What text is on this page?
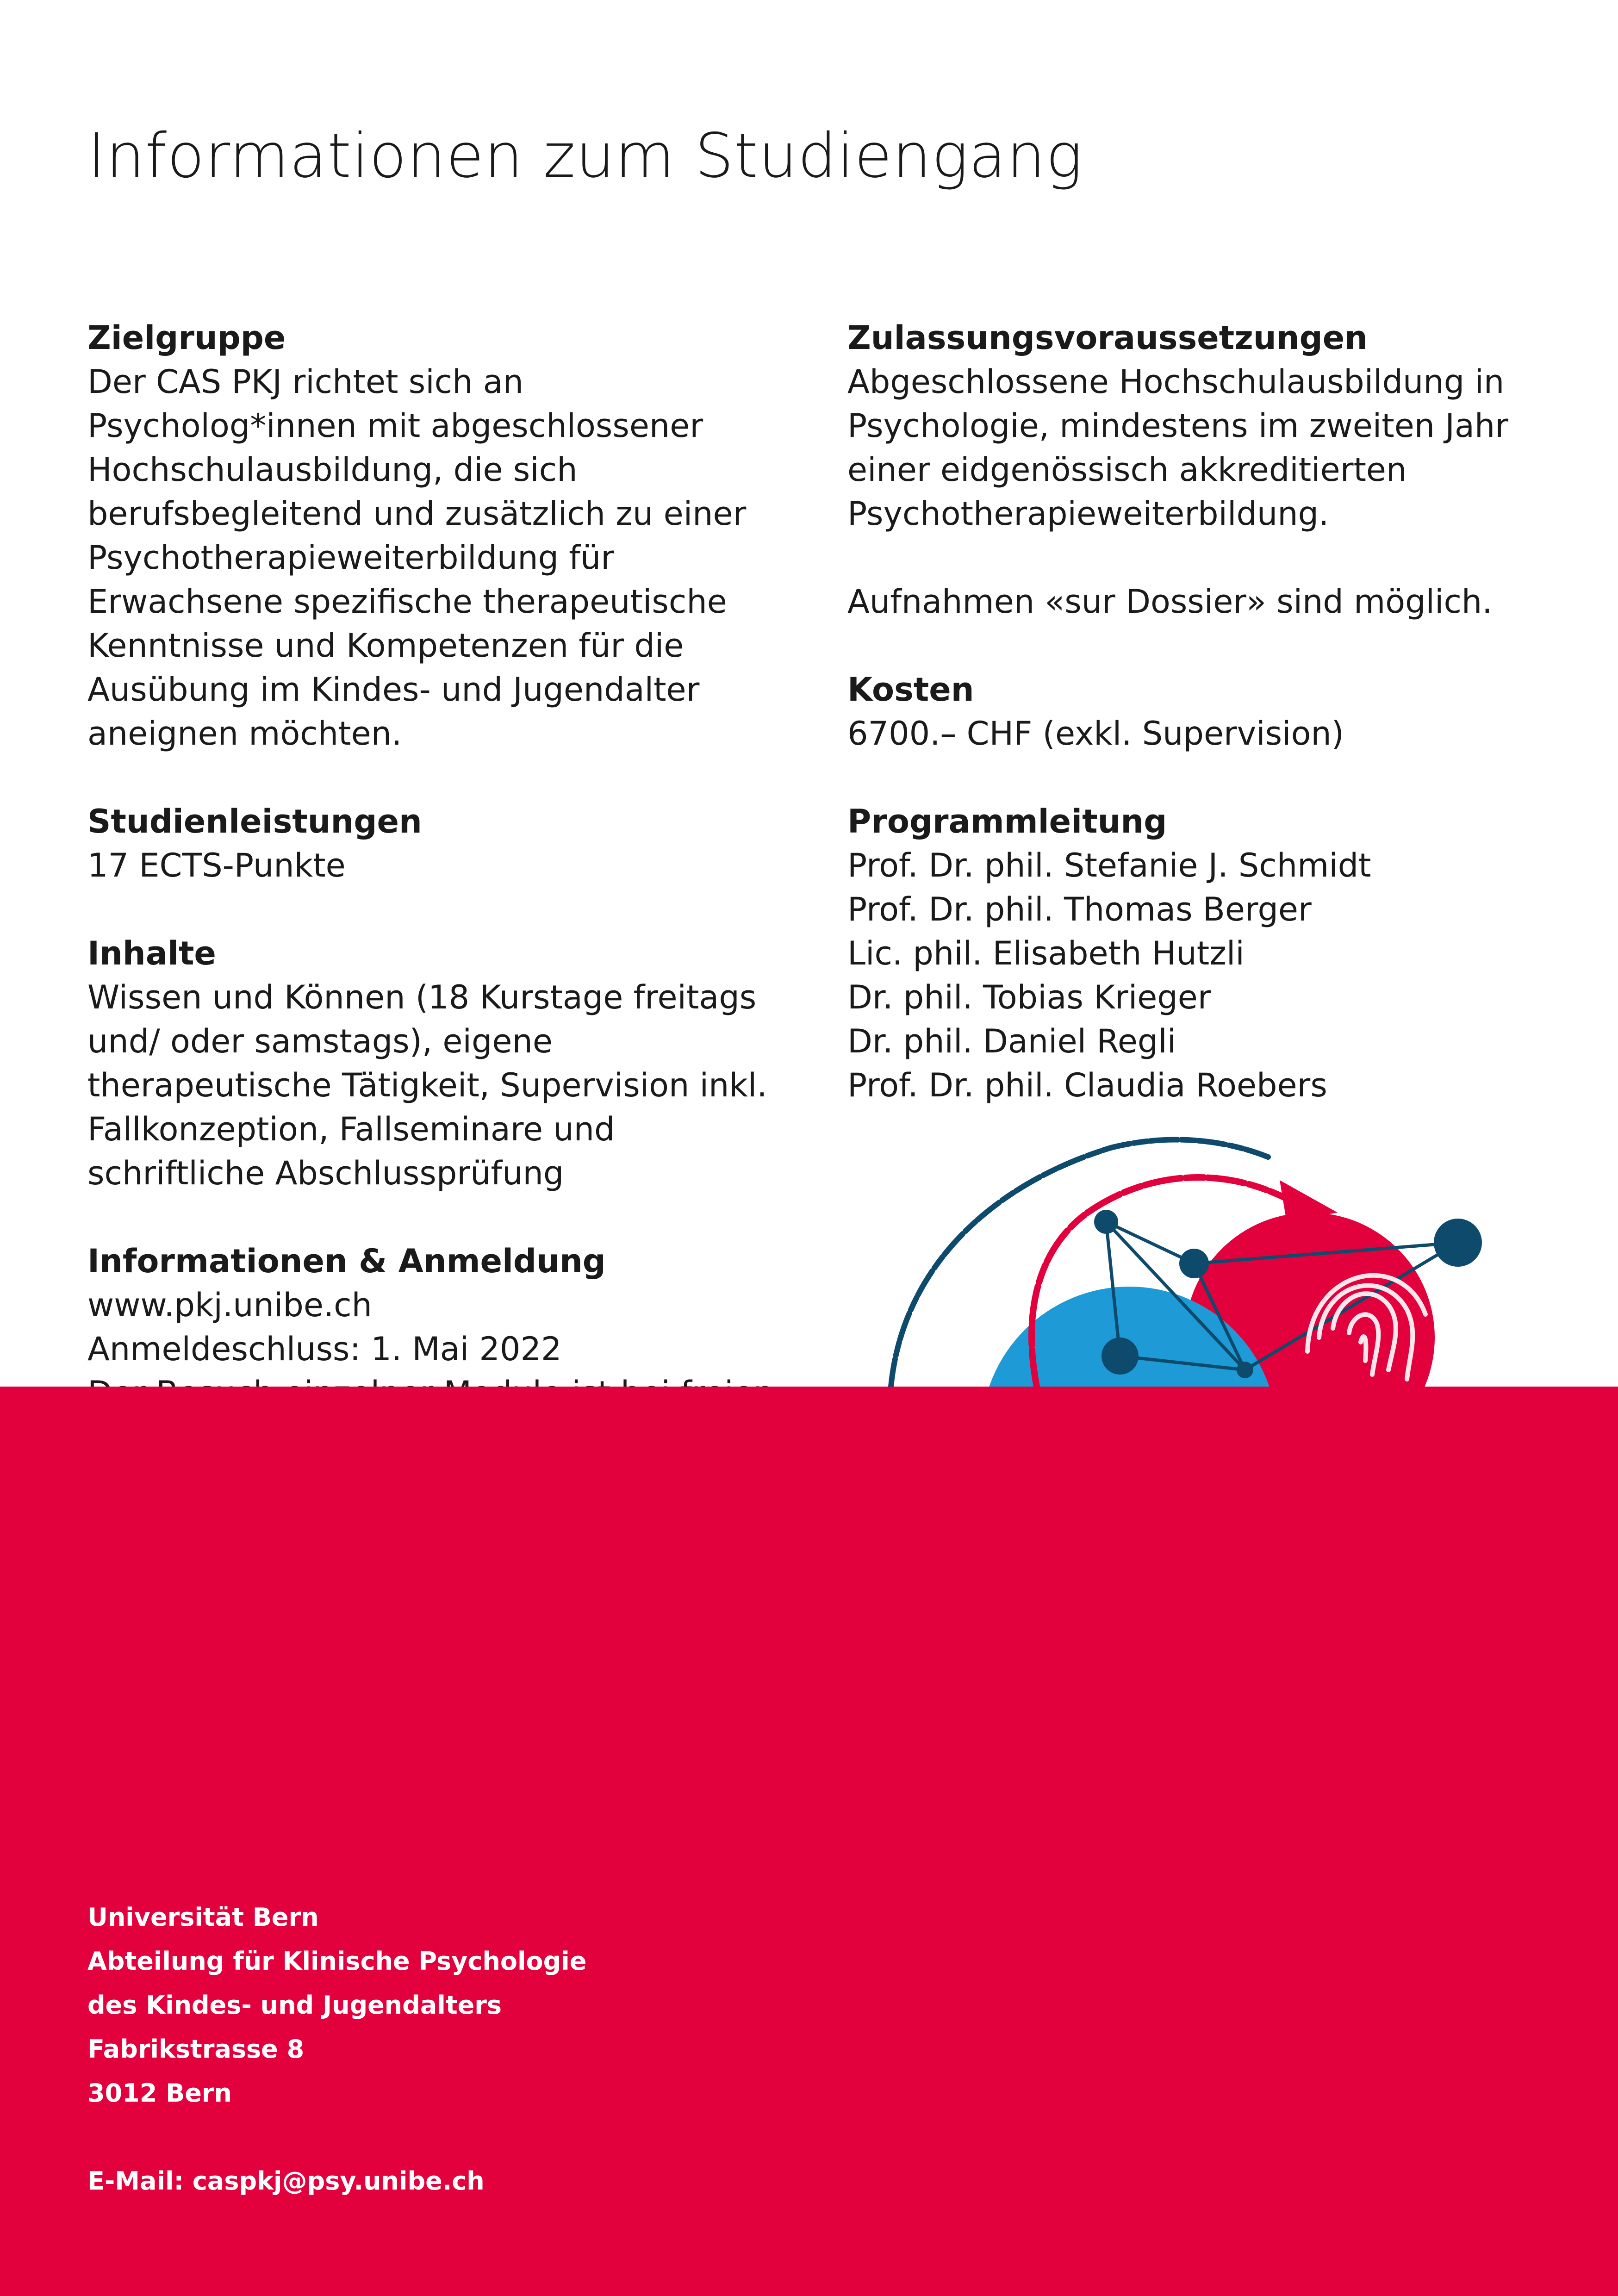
Informationen zum Studiengang
Zielgruppe

Der CAS PKJ richtet sich an Psycholog*innen mit abgeschlossener Hochschulausbildung, die sich berufsbegleitend und zusätzlich zu einer Psychotherapieweiterbildung für Erwachsene spezifische therapeutische Kenntnisse und Kompetenzen für die Ausübung im Kindes- und Jugendalter aneignen möchten.

Studienleistungen

17 ECTS-Punkte

Inhalte

Wissen und Können (18 Kurstage freitags und/ oder samstags), eigene therapeutische Tätigkeit, Supervision inkl. Fallkonzeption, Fallseminare und schriftliche Abschlussprüfung

Informationen & Anmeldung
www.pkj.unibe.ch
Anmeldeschluss: 1. Mai 2022
Zulassungsvoraussetzungen

Abgeschlossene Hochschulausbildung in Psychologie, mindestens im zweiten Jahr einer eidgenössisch akkreditierten Psychotherapieweiterbildung.

Aufnahmen «sur Dossier» sind möglich.

Kosten

6700.– CHF (exkl. Supervision)

Programmleitung
Prof. Dr. phil. Stefanie J. Schmidt
Prof. Dr. phil. Thomas Berger
Lic. phil. Elisabeth Hutzli
Dr. phil. Tobias Krieger
Dr. phil. Daniel Regli
Prof. Dr. phil. Claudia Roebers
Universität Bern
Abteilung für Klinische Psychologie
des Kindes- und Jugendalters
Fabrikstrasse 8
3012 Bern
E-Mail: caspkj@psy.unibe.ch
